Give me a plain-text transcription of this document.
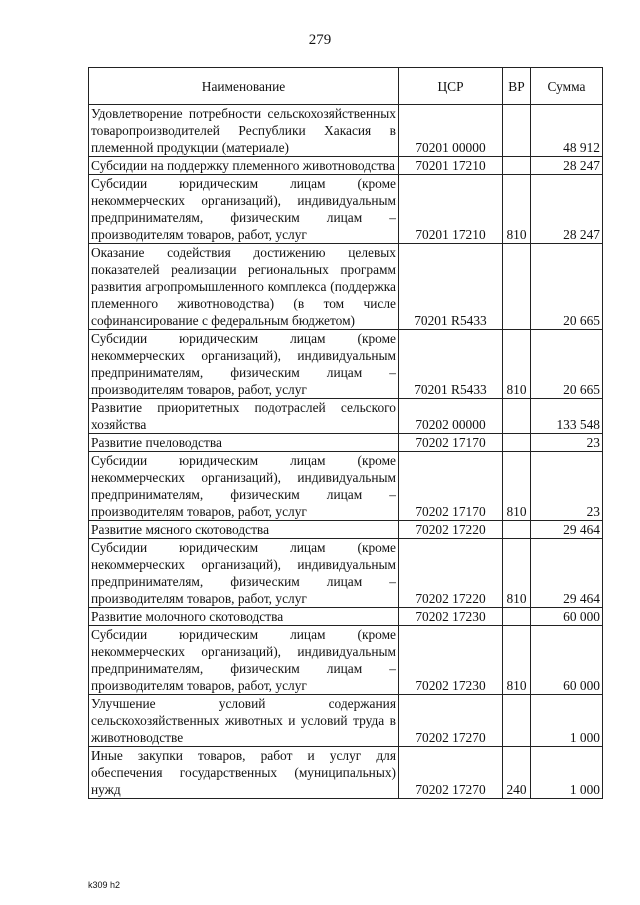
279
Наименование	ЦСР	ВР	Сумма
Удовлетворение потребности сельскохозяйственных товаропроизводителей Республики Хакасия в племенной продукции (материале)	70201 00000		48 912
Субсидии на поддержку племенного животноводства	70201 17210		28 247
Субсидии юридическим лицам (кроме некоммерческих организаций), индивидуальным предпринимателям, физическим лицам – производителям товаров, работ, услуг	70201 17210	810	28 247
Оказание содействия достижению целевых показателей реализации региональных программ развития агропромышленного комплекса (поддержка племенного животноводства) (в том числе софинансирование с федеральным бюджетом)	70201 R5433		20 665
Субсидии юридическим лицам (кроме некоммерческих организаций), индивидуальным предпринимателям, физическим лицам – производителям товаров, работ, услуг	70201 R5433	810	20 665
Развитие приоритетных подотраслей сельского хозяйства	70202 00000		133 548
Развитие пчеловодства	70202 17170		23
Субсидии юридическим лицам (кроме некоммерческих организаций), индивидуальным предпринимателям, физическим лицам – производителям товаров, работ, услуг	70202 17170	810	23
Развитие мясного скотоводства	70202 17220		29 464
Субсидии юридическим лицам (кроме некоммерческих организаций), индивидуальным предпринимателям, физическим лицам – производителям товаров, работ, услуг	70202 17220	810	29 464
Развитие молочного скотоводства	70202 17230		60 000
Субсидии юридическим лицам (кроме некоммерческих организаций), индивидуальным предпринимателям, физическим лицам – производителям товаров, работ, услуг	70202 17230	810	60 000
Улучшение условий содержания сельскохозяйственных животных и условий труда в животноводстве	70202 17270		1 000
Иные закупки товаров, работ и услуг для обеспечения государственных (муниципальных) нужд	70202 17270	240	1 000
k309 h2
